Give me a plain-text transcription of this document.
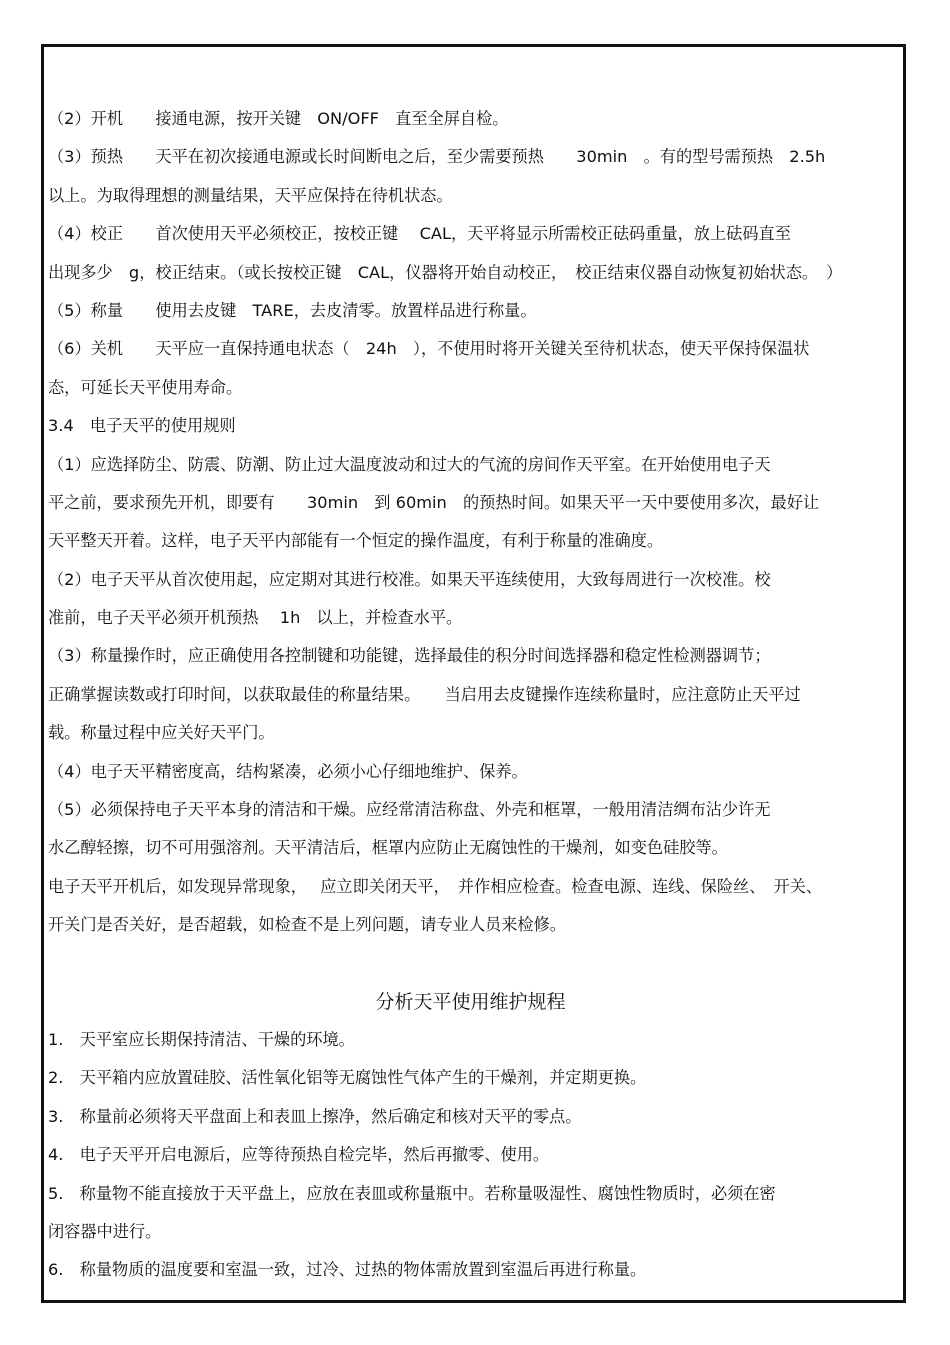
（2）开机　　接通电源，按开关键　ON/OFF　直至全屏自检。
（3）预热　　天平在初次接通电源或长时间断电之后，至少需要预热　　30min　。有的型号需预热　2.5h
以上。为取得理想的测量结果，天平应保持在待机状态。
（4）校正　　首次使用天平必须校正，按校正键　 CAL，天平将显示所需校正砝码重量，放上砝码直至
出现多少　g，校正结束。（或长按校正键　CAL，仪器将开始自动校正，　校正结束仪器自动恢复初始状态。　）
（5）称量　　使用去皮键　TARE，去皮清零。放置样品进行称量。
（6）关机　　天平应一直保持通电状态（　24h　），不使用时将开关键关至待机状态，使天平保持保温状
态，可延长天平使用寿命。
3.4　电子天平的使用规则
（1）应选择防尘、防震、防潮、防止过大温度波动和过大的气流的房间作天平室。在开始使用电子天
平之前，要求预先开机，即要有　　30min　到 60min　的预热时间。如果天平一天中要使用多次，最好让
天平整天开着。这样，电子天平内部能有一个恒定的操作温度，有利于称量的准确度。
（2）电子天平从首次使用起，应定期对其进行校准。如果天平连续使用，大致每周进行一次校准。校
准前，电子天平必须开机预热　 1h　以上，并检查水平。
（3）称量操作时，应正确使用各控制键和功能键，选择最佳的积分时间选择器和稳定性检测器调节；
正确掌握读数或打印时间，以获取最佳的称量结果。　　当启用去皮键操作连续称量时，应注意防止天平过
载。称量过程中应关好天平门。
（4）电子天平精密度高，结构紧凑，必须小心仔细地维护、保养。
（5）必须保持电子天平本身的清洁和干燥。应经常清洁称盘、外壳和框罩，一般用清洁绸布沾少许无
水乙醇轻擦，切不可用强溶剂。天平清洁后，框罩内应防止无腐蚀性的干燥剂，如变色硅胶等。
电子天平开机后，如发现异常现象，　 应立即关闭天平，　并作相应检查。检查电源、连线、保险丝、　开关、
开关门是否关好，是否超载，如检查不是上列问题，请专业人员来检修。
分析天平使用维护规程
1.　天平室应长期保持清洁、干燥的环境。
2.　天平箱内应放置硅胶、活性氧化铝等无腐蚀性气体产生的干燥剂，并定期更换。
3.　称量前必须将天平盘面上和表皿上擦净，然后确定和核对天平的零点。
4.　电子天平开启电源后，应等待预热自检完毕，然后再撤零、使用。
5.　称量物不能直接放于天平盘上，应放在表皿或称量瓶中。若称量吸湿性、腐蚀性物质时，必须在密
闭容器中进行。
6.　称量物质的温度要和室温一致，过冷、过热的物体需放置到室温后再进行称量。
